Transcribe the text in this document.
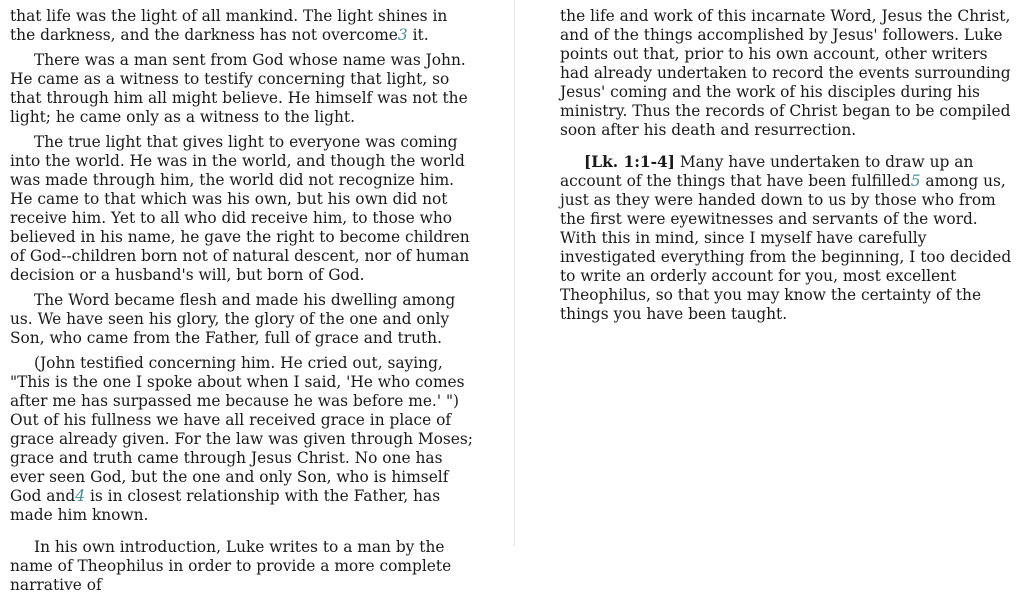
that life was the light of all mankind. The light shines in the darkness, and the darkness has not overcome3 it.

There was a man sent from God whose name was John. He came as a witness to testify concerning that light, so that through him all might believe. He himself was not the light; he came only as a witness to the light.

The true light that gives light to everyone was coming into the world. He was in the world, and though the world was made through him, the world did not recognize him. He came to that which was his own, but his own did not receive him. Yet to all who did receive him, to those who believed in his name, he gave the right to become children of God--children born not of natural descent, nor of human decision or a husband's will, but born of God.

The Word became flesh and made his dwelling among us. We have seen his glory, the glory of the one and only Son, who came from the Father, full of grace and truth.

(John testified concerning him. He cried out, saying, "This is the one I spoke about when I said, 'He who comes after me has surpassed me because he was before me.' ") Out of his fullness we have all received grace in place of grace already given. For the law was given through Moses; grace and truth came through Jesus Christ. No one has ever seen God, but the one and only Son, who is himself God and4 is in closest relationship with the Father, has made him known.

In his own introduction, Luke writes to a man by the name of Theophilus in order to provide a more complete narrative of

the life and work of this incarnate Word, Jesus the Christ, and of the things accomplished by Jesus' followers. Luke points out that, prior to his own account, other writers had already undertaken to record the events surrounding Jesus' coming and the work of his disciples during his ministry. Thus the records of Christ began to be compiled soon after his death and resurrection.

[Lk. 1:1-4] Many have undertaken to draw up an account of the things that have been fulfilled5 among us, just as they were handed down to us by those who from the first were eyewitnesses and servants of the word. With this in mind, since I myself have carefully investigated everything from the beginning, I too decided to write an orderly account for you, most excellent Theophilus, so that you may know the certainty of the things you have been taught.
